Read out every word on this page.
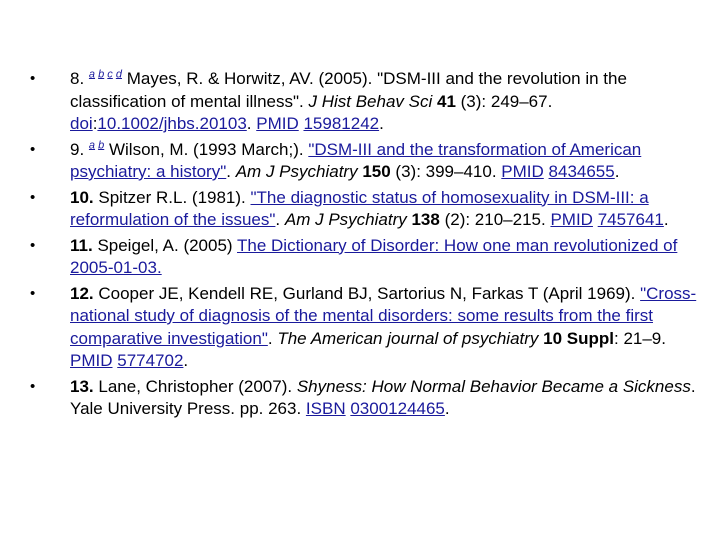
• 8. $^{a b c d}$ Mayes, R. & Horwitz, AV. (2005). "DSM-III and the revolution in the classification of mental illness". J Hist Behav Sci 41 (3): 249–67. doi:10.1002/jhbs.20103. PMID 15981242.
• 9. $^{a b}$ Wilson, M. (1993 March;). "DSM-III and the transformation of American psychiatry: a history". Am J Psychiatry 150 (3): 399–410. PMID 8434655.
• 10. Spitzer R.L. (1981). "The diagnostic status of homosexuality in DSM-III: a reformulation of the issues". Am J Psychiatry 138 (2): 210–215. PMID 7457641.
• 11. Speigel, A. (2005) The Dictionary of Disorder: How one man revolutionized of 2005-01-03.
• 12. Cooper JE, Kendell RE, Gurland BJ, Sartorius N, Farkas T (April 1969). "Cross-national study of diagnosis of the mental disorders: some results from the first comparative investigation". The American journal of psychiatry 10 Suppl: 21–9. PMID 5774702.
• 13. Lane, Christopher (2007). Shyness: How Normal Behavior Became a Sickness. Yale University Press. pp. 263. ISBN 0300124465.
